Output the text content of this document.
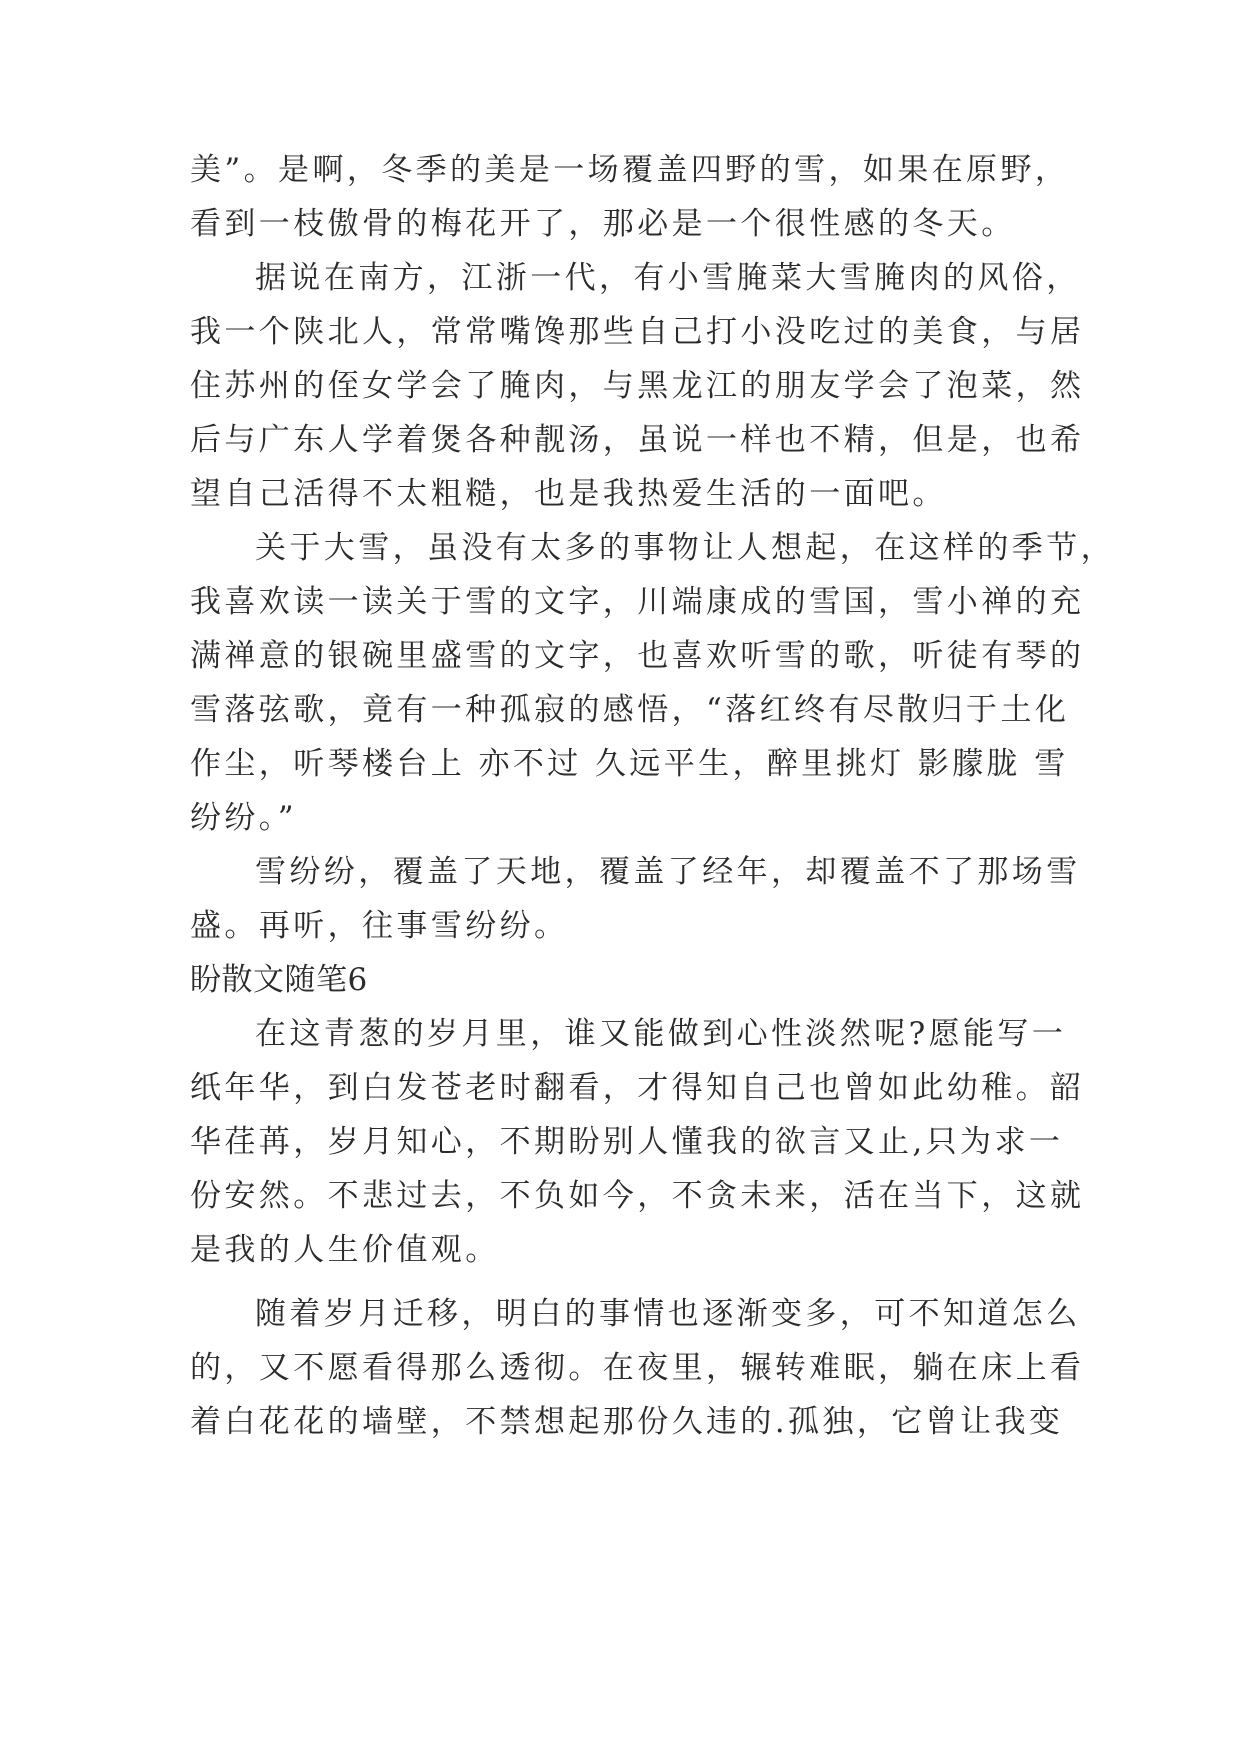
美”。是啊，冬季的美是一场覆盖四野的雪，如果在原野，
看到一枝傲骨的梅花开了，那必是一个很性感的冬天。
据说在南方，江浙一代，有小雪腌菜大雪腌肉的风俗，
我一个陕北人，常常嘴馋那些自己打小没吃过的美食，与居
住苏州的侄女学会了腌肉，与黑龙江的朋友学会了泡菜，然
后与广东人学着煲各种靓汤，虽说一样也不精，但是，也希
望自己活得不太粗糙，也是我热爱生活的一面吧。
关于大雪，虽没有太多的事物让人想起，在这样的季节，
我喜欢读一读关于雪的文字，川端康成的雪国，雪小禅的充
满禅意的银碗里盛雪的文字，也喜欢听雪的歌，听徒有琴的
雪落弦歌，竟有一种孤寂的感悟，“落红终有尽散归于土化
作尘，听琴楼台上 亦不过 久远平生，醉里挑灯 影朦胧 雪
纷纷。”
雪纷纷，覆盖了天地，覆盖了经年，却覆盖不了那场雪
盛。再听，往事雪纷纷。
盼散文随笔6
在这青葱的岁月里，谁又能做到心性淡然呢?愿能写一
纸年华，到白发苍老时翻看，才得知自己也曾如此幼稚。韶
华荏苒，岁月知心，不期盼别人懂我的欲言又止,只为求一
份安然。不悲过去，不负如今，不贪未来，活在当下，这就
是我的人生价值观。
随着岁月迁移，明白的事情也逐渐变多，可不知道怎么
的，又不愿看得那么透彻。在夜里，辗转难眠，躺在床上看
着白花花的墙壁，不禁想起那份久违的.孤独，它曾让我变
